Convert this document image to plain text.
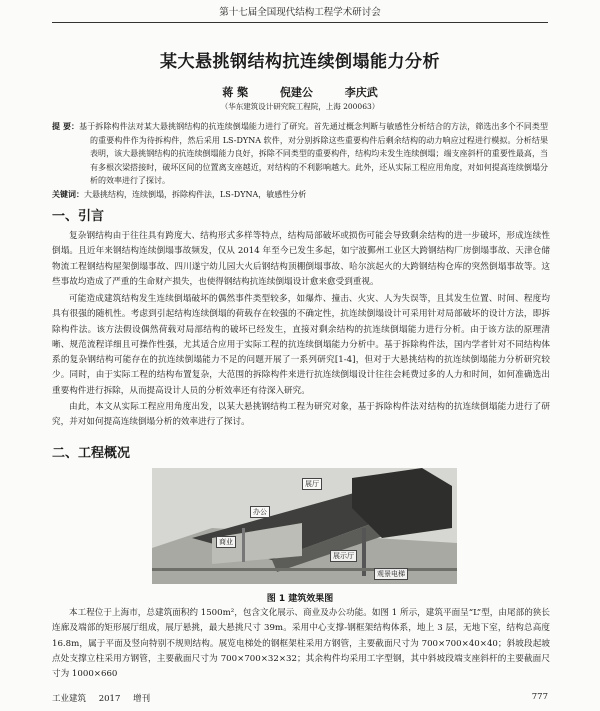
第十七届全国现代结构工程学术研讨会
某大悬挑钢结构抗连续倒塌能力分析
蒋 檠	倪建公	李庆武
（华东建筑设计研究院工程院，上海 200063）
提 要：基于拆除构件法对某大悬挑钢结构的抗连续倒塌能力进行了研究。首先通过概念判断与敏感性分析结合的方法，筛选出多个不同类型的重要构件作为待拆构件，然后采用 LS-DYNA 软件，对分别拆除这些重要构件后剩余结构的动力响应过程进行模拟。分析结果表明，该大悬挑钢结构的抗连续倒塌能力良好，拆除不同类型的重要构件，结构均未发生连续倒塌；端支座斜杆的重要性最高，当有多根次梁搭接时，破坏区间的位置离支座越近，对结构的不利影响越大。此外，还从实际工程应用角度，对如何提高连续倒塌分析的效率进行了探讨。
关键词：大悬挑结构，连续倒塌，拆除构件法，LS-DYNA，敏感性分析
一、引言
复杂钢结构由于往往具有跨度大、结构形式多样等特点，结构局部破坏或损伤可能会导致剩余结构的进一步破坏，形成连续性倒塌。且近年来钢结构连续倒塌事故频发，仅从 2014 年至今已发生多起，如宁波鄞州工业区大跨钢结构厂房倒塌事故、天津仓储物流工程钢结构屋架倒塌事故、四川遂宁幼儿园大火后钢结构顶棚倒塌事故、哈尔滨起火的大跨钢结构仓库的突然倒塌事故等。这些事故均造成了严重的生命财产损失，也使得钢结构抗连续倒塌设计愈来愈受到重视。
可能造成建筑结构发生连续倒塌破坏的偶然事件类型较多，如爆炸、撞击、火灾、人为失误等，且其发生位置、时间、程度均具有很强的随机性。考虑到引起结构连续倒塌的荷载存在较强的不确定性，抗连续倒塌设计可采用针对局部破坏的设计方法，即拆除构件法。该方法假设偶然荷载对局部结构的破坏已经发生，直接对剩余结构的抗连续倒塌能力进行分析。由于该方法的原理清晰、规范流程详细且可操作性强，尤其适合应用于实际工程的抗连续倒塌能力分析中。基于拆除构件法，国内学者针对不同结构体系的复杂钢结构可能存在的抗连续倒塌能力不足的问题开展了一系列研究[1-4]，但对于大悬挑结构的抗连续倒塌能力分析研究较少。同时，由于实际工程的结构布置复杂，大范围的拆除构件来进行抗连续倒塌设计往往会耗费过多的人力和时间，如何准确选出重要构件进行拆除，从而提高设计人员的分析效率还有待深入研究。
由此，本文从实际工程应用角度出发，以某大悬挑钢结构工程为研究对象，基于拆除构件法对结构的抗连续倒塌能力进行了研究，并对如何提高连续倒塌分析的效率进行了探讨。
二、工程概况
展厅
办公
商业
展示厅
观景电梯
图 1 建筑效果图
本工程位于上海市，总建筑面积约 1500m²，包含文化展示、商业及办公功能。如图 1 所示，建筑平面呈“L”型，由尾部的狭长连廊及端部的矩形展厅组成，展厅悬挑，最大悬挑尺寸 39m。采用中心支撑-钢框架结构体系，地上 3 层，无地下室，结构总高度 16.8m，属于平面及竖向特别不规则结构。展览电梯处的钢框架柱采用方钢管，主要截面尺寸为 700×700×40×40；斜坡段起坡点处支撑立柱采用方钢管，主要截面尺寸为 700×700×32×32；其余构件均采用工字型钢，其中斜坡段端支座斜杆的主要截面尺寸为 1000×660
工业建筑 2017 增刊	777
